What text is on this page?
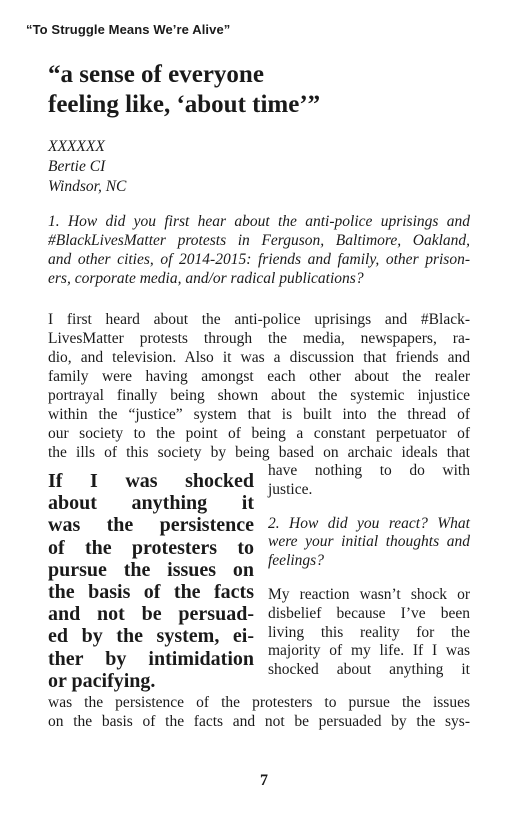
“To Struggle Means We’re Alive”
“a sense of everyone
feeling like, ‘about time’”
XXXXXX
Bertie CI
Windsor, NC
1. How did you first hear about the anti-police uprisings and
#BlackLivesMatter protests in Ferguson, Baltimore, Oakland,
and other cities, of 2014-2015: friends and family, other prison-
ers, corporate media, and/or radical publications?
I first heard about the anti-police uprisings and #Black-
LivesMatter protests through the media, newspapers, ra-
dio, and television. Also it was a discussion that friends and
family were having amongst each other about the realer
portrayal finally being shown about the systemic injustice
within the “justice” system that is built into the thread of
our society to the point of being a constant perpetuator of
the ills of this society by being based on archaic ideals that
If I was shocked
about anything it
was the persistence
of the protesters to
pursue the issues on
the basis of the facts
and not be persuad-
ed by the system, ei-
ther by intimidation
or pacifying.
have nothing to do with
justice.
2. How did you react? What
were your initial thoughts and
feelings?
My reaction wasn’t shock or
disbelief because I’ve been
living this reality for the
majority of my life. If I was
shocked about anything it
was the persistence of the protesters to pursue the issues
on the basis of the facts and not be persuaded by the sys-
7
